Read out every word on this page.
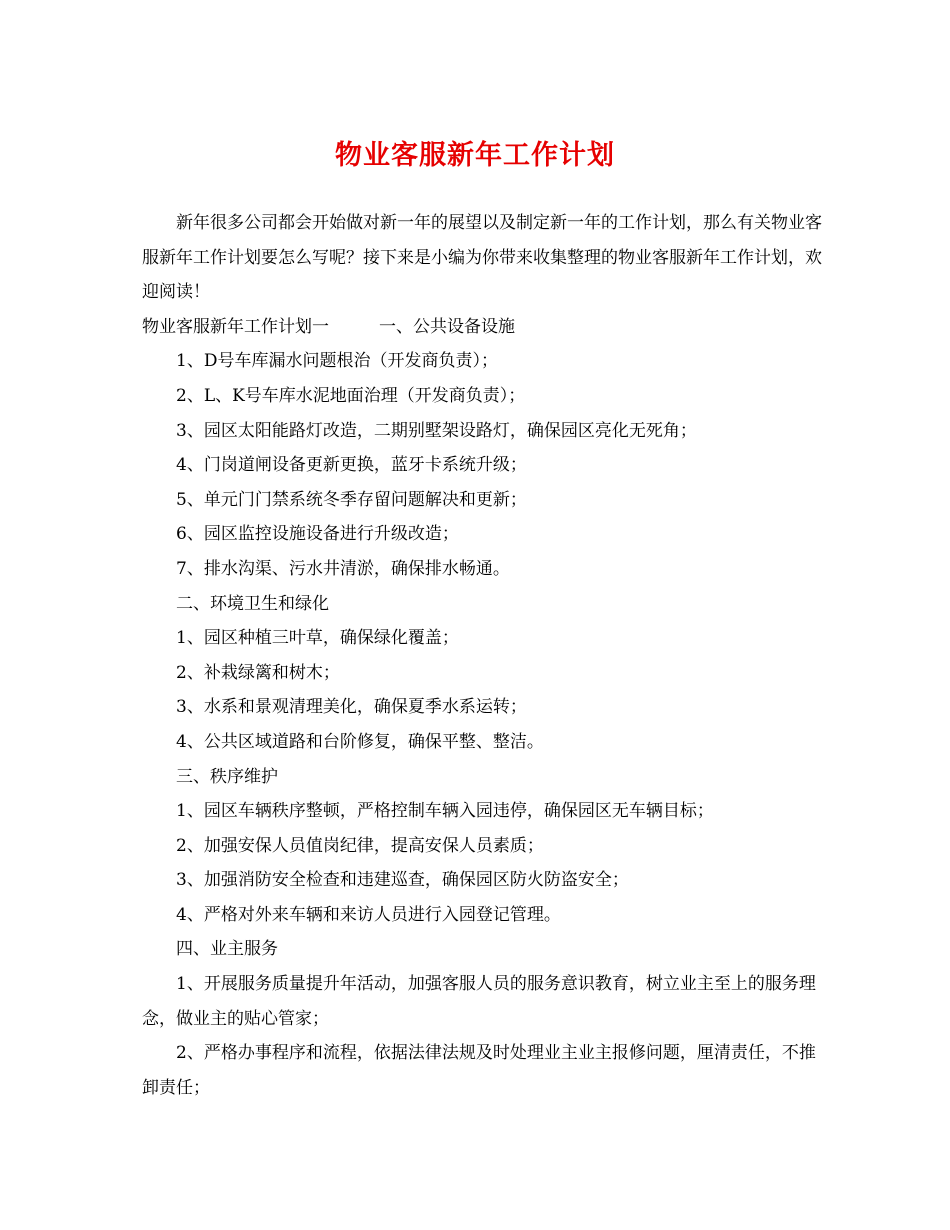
物业客服新年工作计划

新年很多公司都会开始做对新一年的展望以及制定新一年的工作计划，那么有关物业客服新年工作计划要怎么写呢？接下来是小编为你带来收集整理的物业客服新年工作计划，欢迎阅读！

物业客服新年工作计划一	一、公共设备设施

1、D号车库漏水问题根治（开发商负责）；

2、L、K号车库水泥地面治理（开发商负责）；

3、园区太阳能路灯改造，二期别墅架设路灯，确保园区亮化无死角；

4、门岗道闸设备更新更换，蓝牙卡系统升级；

5、单元门门禁系统冬季存留问题解决和更新；

6、园区监控设施设备进行升级改造；

7、排水沟渠、污水井清淤，确保排水畅通。

二、环境卫生和绿化

1、园区种植三叶草，确保绿化覆盖；

2、补栽绿篱和树木；

3、水系和景观清理美化，确保夏季水系运转；

4、公共区域道路和台阶修复，确保平整、整洁。

三、秩序维护

1、园区车辆秩序整顿，严格控制车辆入园违停，确保园区无车辆目标；

2、加强安保人员值岗纪律，提高安保人员素质；

3、加强消防安全检查和违建巡查，确保园区防火防盗安全；

4、严格对外来车辆和来访人员进行入园登记管理。

四、业主服务

1、开展服务质量提升年活动，加强客服人员的服务意识教育，树立业主至上的服务理念，做业主的贴心管家；

2、严格办事程序和流程，依据法律法规及时处理业主业主报修问题，厘清责任，不推卸责任；
